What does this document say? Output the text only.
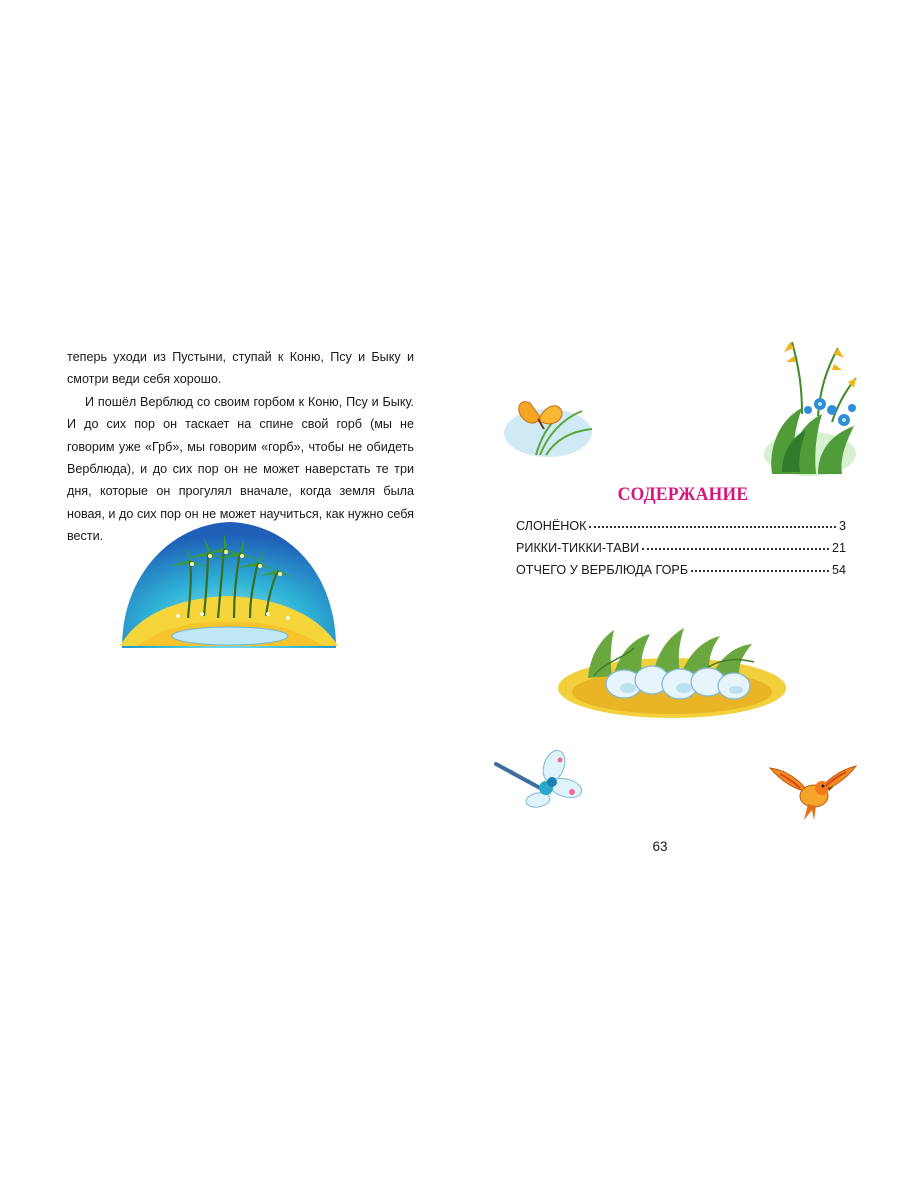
теперь уходи из Пустыни, ступай к Коню, Псу и Быку и смотри веди себя хорошо.

И пошёл Верблюд со своим горбом к Коню, Псу и Быку. И до сих пор он таскает на спине свой горб (мы не говорим уже «Грб», мы говорим «горб», чтобы не обидеть Верблюда), и до сих пор он не может наверстать те три дня, которые он прогулял вначале, когда земля была новая, и до сих пор он не может научиться, как нужно себя вести.

СОДЕРЖАНИЕ
СЛОНЁНОК	3
РИККИ-ТИККИ-ТАВИ	21
ОТЧЕГО У ВЕРБЛЮДА ГОРБ	54
63
